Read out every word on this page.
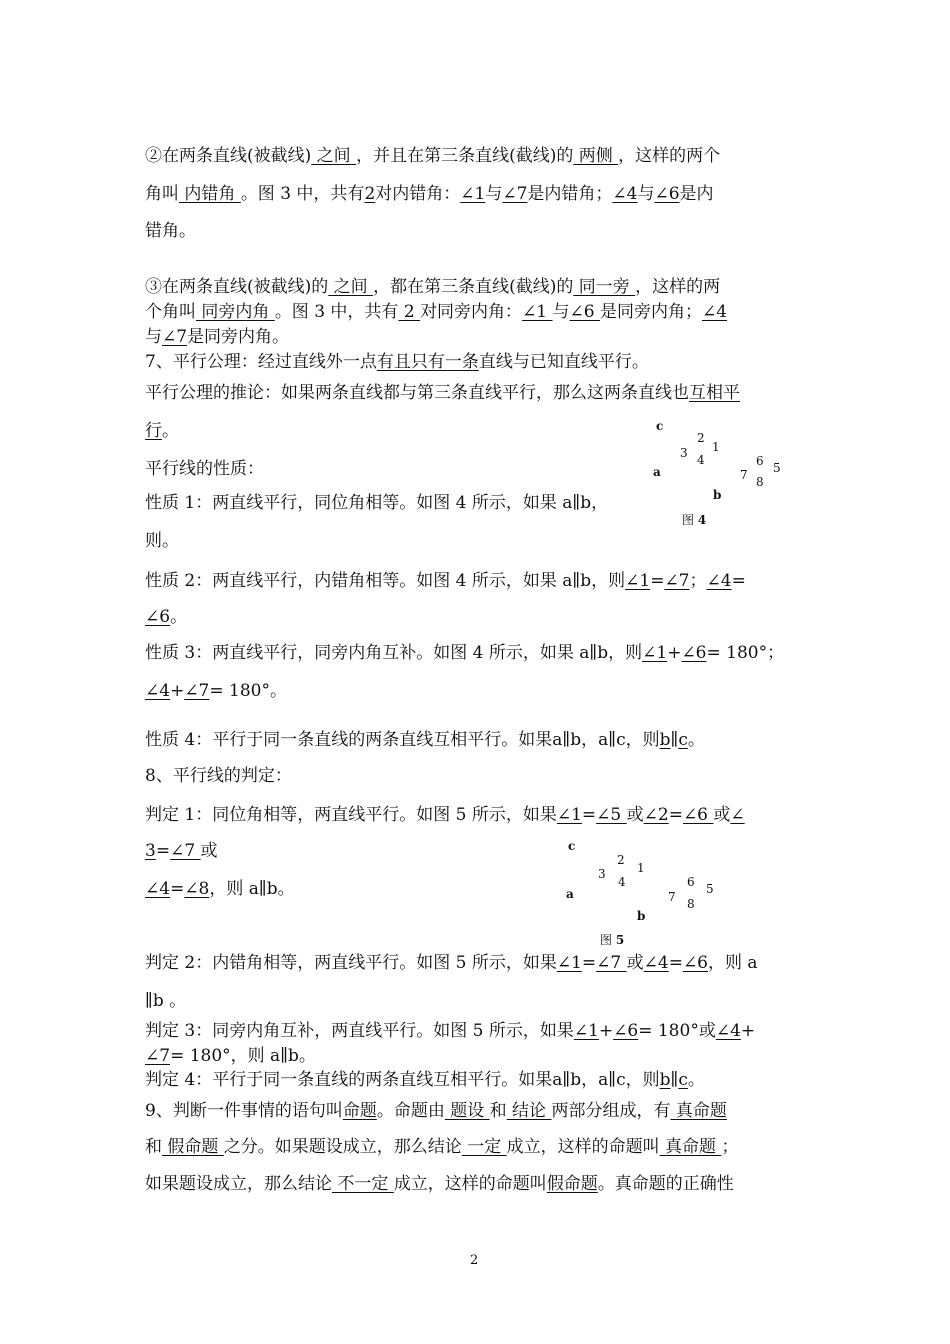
②在两条直线(被截线) 之间 ，并且在第三条直线(截线)的 两侧 ，这样的两个
角叫 内错角 。图 3 中，共有2对内错角：∠1与∠7是内错角；∠4与∠6是内
错角。
③在两条直线(被截线)的 之间 ，都在第三条直线(截线)的 同一旁 ，这样的两
个角叫 同旁内角 。图 3 中，共有 2 对同旁内角：∠1 与∠6 是同旁内角；∠4
与∠7是同旁内角。
7、平行公理：经过直线外一点有且只有一条直线与已知直线平行。
平行公理的推论：如果两条直线都与第三条直线平行，那么这两条直线也互相平
行。
平行线的性质：
性质 1：两直线平行，同位角相等。如图 4 所示，如果 a∥b，
则。
性质 2：两直线平行，内错角相等。如图 4 所示，如果 a∥b，则∠1=∠7；∠4=
∠6。
性质 3：两直线平行，同旁内角互补。如图 4 所示，如果 a∥b，则∠1+∠6= 180°；
∠4+∠7= 180°。
性质 4：平行于同一条直线的两条直线互相平行。如果a∥b，a∥c，则b∥c。
8、平行线的判定：
判定 1：同位角相等，两直线平行。如图 5 所示，如果∠1=∠5 或∠2=∠6 或∠
3=∠7 或
∠4=∠8，则 a∥b。
判定 2：内错角相等，两直线平行。如图 5 所示，如果∠1=∠7 或∠4=∠6，则 a
∥b 。
判定 3：同旁内角互补，两直线平行。如图 5 所示，如果∠1+∠6= 180°或∠4+
∠7= 180°，则 a∥b。
判定 4：平行于同一条直线的两条直线互相平行。如果a∥b，a∥c，则b∥c。
9、判断一件事情的语句叫命题。命题由 题设 和 结论 两部分组成，有 真命题
和 假命题 之分。如果题设成立，那么结论 一定 成立，这样的命题叫 真命题 ；
如果题设成立，那么结论 不一定 成立，这样的命题叫假命题。真命题的正确性
c
2
1
3 4
a	7
6 5
8
b
图 4
c
2
1
3
4
a	7
6 5
8
b
图 5
2
